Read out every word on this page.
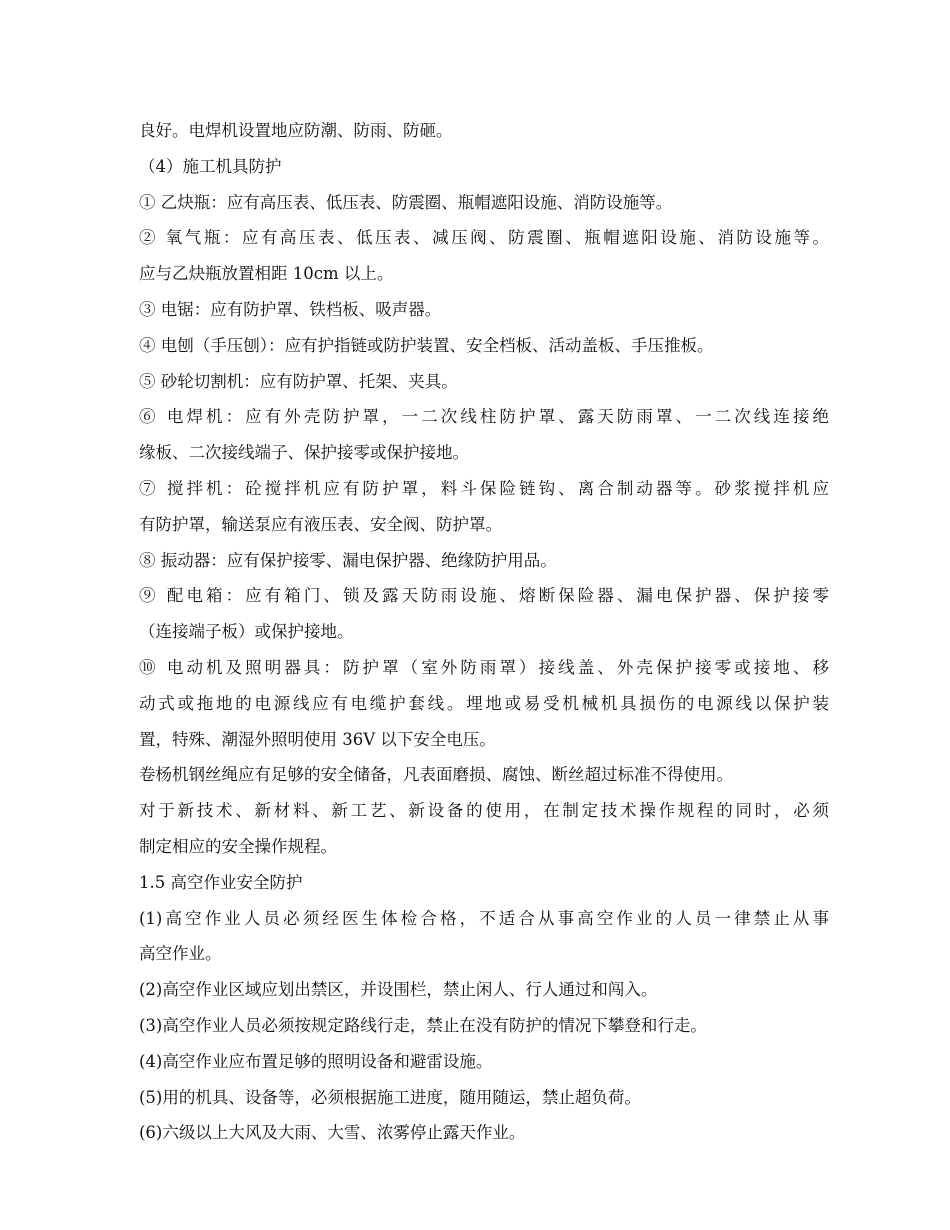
良好。电焊机设置地应防潮、防雨、防砸。
（4）施工机具防护
① 乙炔瓶：应有高压表、低压表、防震圈、瓶帽遮阳设施、消防设施等。
② 氧气瓶：应有高压表、低压表、减压阀、防震圈、瓶帽遮阳设施、消防设施等。
应与乙炔瓶放置相距 10cm 以上。
③ 电锯：应有防护罩、铁档板、吸声器。
④ 电刨（手压刨）：应有护指链或防护装置、安全档板、活动盖板、手压推板。
⑤ 砂轮切割机：应有防护罩、托架、夹具。
⑥ 电焊机：应有外壳防护罩，一二次线柱防护罩、露天防雨罩、一二次线连接绝
缘板、二次接线端子、保护接零或保护接地。
⑦ 搅拌机：砼搅拌机应有防护罩，料斗保险链钩、离合制动器等。砂浆搅拌机应
有防护罩，输送泵应有液压表、安全阀、防护罩。
⑧ 振动器：应有保护接零、漏电保护器、绝缘防护用品。
⑨ 配电箱：应有箱门、锁及露天防雨设施、熔断保险器、漏电保护器、保护接零
（连接端子板）或保护接地。
⑩ 电动机及照明器具：防护罩（室外防雨罩）接线盖、外壳保护接零或接地、移
动式或拖地的电源线应有电缆护套线。埋地或易受机械机具损伤的电源线以保护装
置，特殊、潮湿外照明使用 36V 以下安全电压。
卷杨机钢丝绳应有足够的安全储备，凡表面磨损、腐蚀、断丝超过标准不得使用。
对于新技术、新材料、新工艺、新设备的使用，在制定技术操作规程的同时，必须
制定相应的安全操作规程。
1.5 高空作业安全防护
(1)高空作业人员必须经医生体检合格，不适合从事高空作业的人员一律禁止从事
高空作业。
(2)高空作业区域应划出禁区，并设围栏，禁止闲人、行人通过和闯入。
(3)高空作业人员必须按规定路线行走，禁止在没有防护的情况下攀登和行走。
(4)高空作业应布置足够的照明设备和避雷设施。
(5)用的机具、设备等，必须根据施工进度，随用随运，禁止超负荷。
(6)六级以上大风及大雨、大雪、浓雾停止露天作业。
